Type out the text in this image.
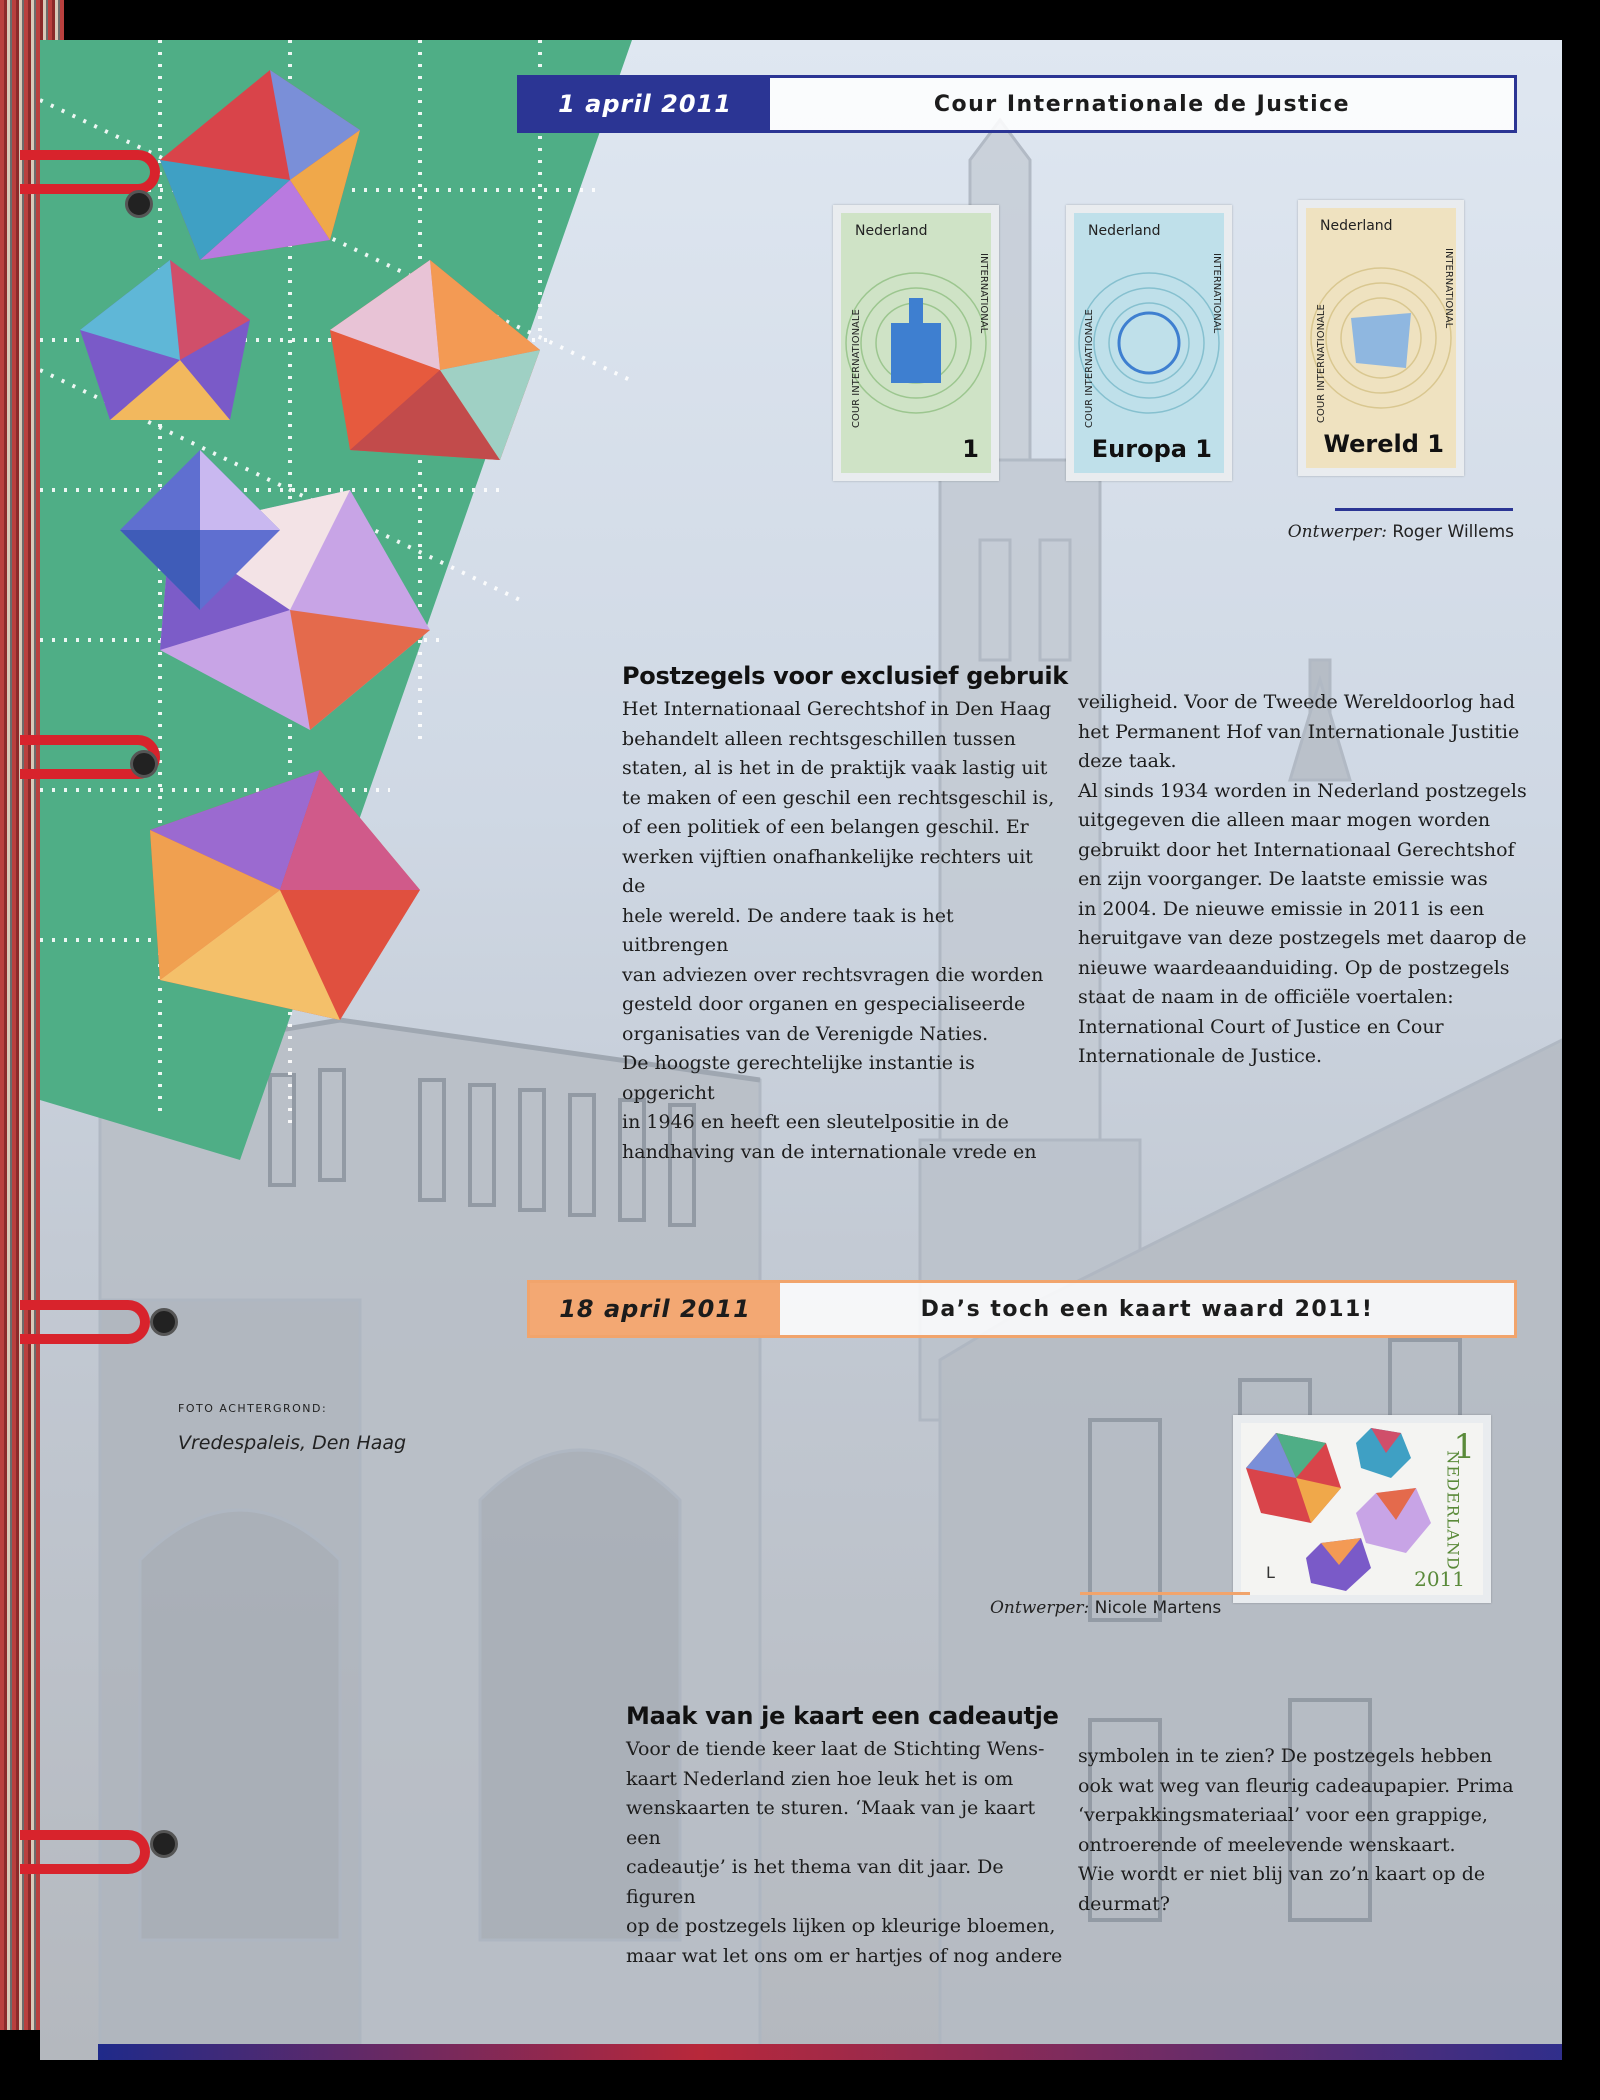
1 april 2011	Cour Internationale de Justice
COUR INTERNATIONALE
INTERNATIONAL
Nederland
1
COUR INTERNATIONALE
INTERNATIONAL
Nederland
Europa 1
COUR INTERNATIONALE
INTERNATIONAL
Nederland
Wereld 1
Ontwerper: Roger Willems
Postzegels voor exclusief gebruik

Het Internationaal Gerechtshof in Den Haag

behandelt alleen rechtsgeschillen tussen

staten, al is het in de praktijk vaak lastig uit

te maken of een geschil een rechtsgeschil is,

of een politiek of een belangen geschil. Er

werken vijftien onafhankelijke rechters uit de

hele wereld. De andere taak is het uitbrengen

van adviezen over rechtsvragen die worden

gesteld door organen en gespecialiseerde

organisaties van de Verenigde Naties.

De hoogste gerechtelijke instantie is opgericht

in 1946 en heeft een sleutelpositie in de

handhaving van de internationale vrede en

veiligheid. Voor de Tweede Wereldoorlog had

het Permanent Hof van Internationale Justitie

deze taak.

Al sinds 1934 worden in Nederland postzegels

uitgegeven die alleen maar mogen worden

gebruikt door het Internationaal Gerechtshof

en zijn voorganger. De laatste emissie was

in 2004. De nieuwe emissie in 2011 is een

heruitgave van deze postzegels met daarop de

nieuwe waardeaanduiding. Op de postzegels

staat de naam in de officiële voertalen:

International Court of Justice en Cour

Internationale de Justice.

18 april 2011	Da’s toch een kaart waard 2011!
FOTO ACHTERGROND:
Vredespaleis, Den Haag
L
1
NEDERLAND
2011
Ontwerper: Nicole Martens
Maak van je kaart een cadeautje

Voor de tiende keer laat de Stichting Wens-

kaart Nederland zien hoe leuk het is om

wenskaarten te sturen. ‘Maak van je kaart een

cadeautje’ is het thema van dit jaar. De figuren

op de postzegels lijken op kleurige bloemen,

maar wat let ons om er hartjes of nog andere

symbolen in te zien? De postzegels hebben

ook wat weg van fleurig cadeaupapier. Prima

‘verpakkingsmateriaal’ voor een grappige,

ontroerende of meelevende wenskaart.

Wie wordt er niet blij van zo’n kaart op de

deurmat?
